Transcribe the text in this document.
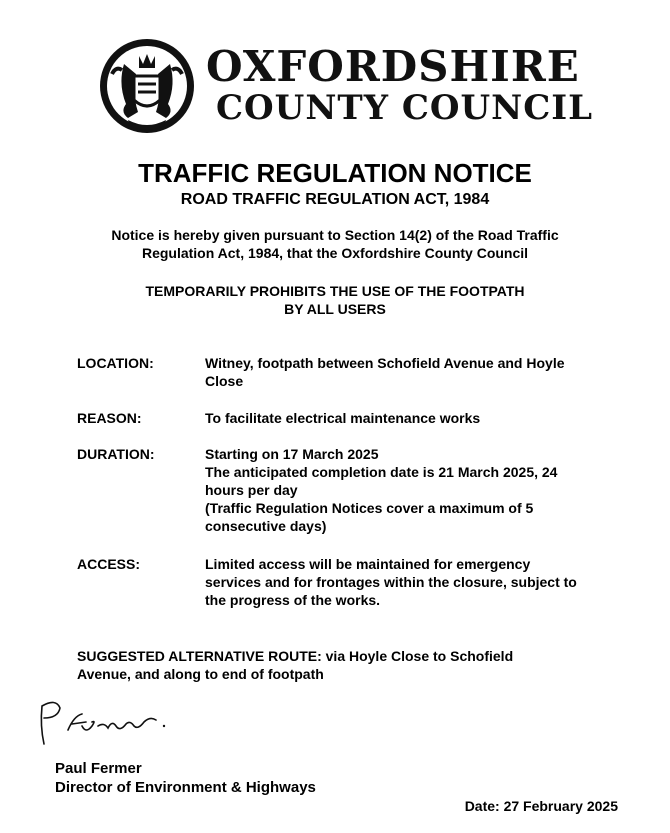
OXFORDSHIRE
COUNTY COUNCIL
TRAFFIC REGULATION NOTICE
ROAD TRAFFIC REGULATION ACT, 1984
Notice is hereby given pursuant to Section 14(2) of the Road Traffic
Regulation Act, 1984, that the Oxfordshire County Council
TEMPORARILY PROHIBITS THE USE OF THE FOOTPATH
BY ALL USERS
LOCATION:	Witney, footpath between Schofield Avenue and Hoyle
Close
REASON:	To facilitate electrical maintenance works
DURATION:	Starting on 17 March 2025
The anticipated completion date is 21 March 2025, 24
hours per day
(Traffic Regulation Notices cover a maximum of 5
consecutive days)
ACCESS:	Limited access will be maintained for emergency
services and for frontages within the closure, subject to
the progress of the works.
SUGGESTED ALTERNATIVE ROUTE: via Hoyle Close to Schofield
Avenue, and along to end of footpath
Paul Fermer
Director of Environment & Highways
Date: 27 February 2025
